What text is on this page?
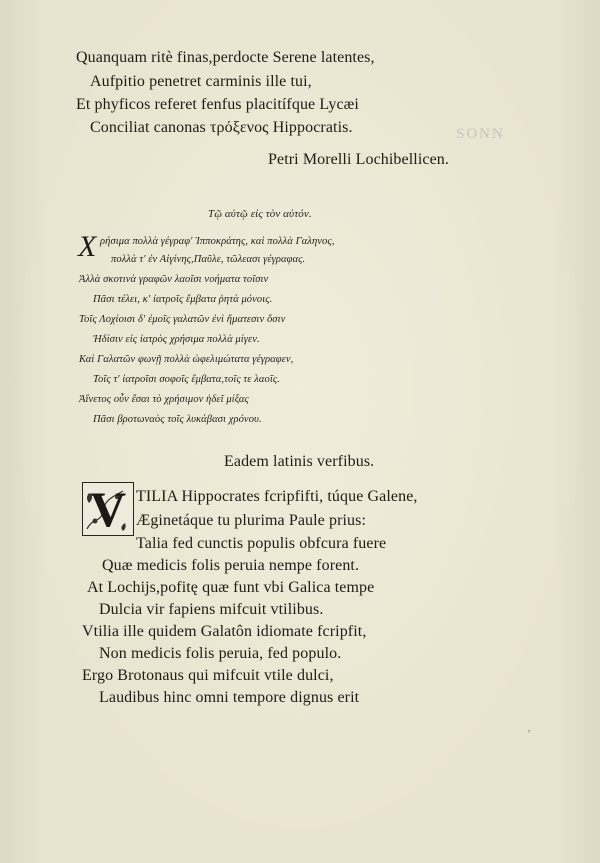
Quanquam ritè finas,perdocte Serene latentes,
Aufpitio penetret carminis ille tui,
Et phyficos referet fenfus placitífque Lycæi
Conciliat canonas τρόξενος Hippocratis.
Petri Morelli Lochibellicen.
SONN
Τῷ αὐτῷ εἰς τὸν αὐτόν.
Χ ρήσιμα πολλὰ γέγραφ' Ἱπποκράτης, καὶ πολλὰ Γαληνος,
πολλὰ τ' ἐν Αἰγίνης,Παῦλε, τῶλεασι γέγραφας.
Ἀλλὰ σκοτινὰ γραφῶν λαοῖσι νοήματα τοῖσιν
Πᾶσι τέλει, κ' ἰατροῖς ἔμβατα ῥητὰ μόνοις.
Τοῖς Λοχίοισι δ' ἐμοῖς γαλατῶν ἐνὶ ἤματεσιν ὅσιν
Ἠδίσιν εἰς ἰατρὸς χρήσιμα πολλὰ μίγεν.
Καὶ Γαλατῶν φωνῇ πολλὰ ὠφελιμώτατα γέγραφεν,
Τοῖς τ' ἰατροῖσι σοφοῖς ἔμβατα,τοῖς τε λαοῖς.
Ἀἴνετος οὖν ἔσαι τὸ χρήσιμον ἡδεῖ μίξας
Πᾶσι βροτωναὸς τοῖς λυκάβασι χρόνου.
Eadem latinis verfibus.
V TILIA Hippocrates fcripfifti, túque Galene,
Æginetáque tu plurima Paule prius:
Talia fed cunctis populis obfcura fuere
Quæ medicis folis peruia nempe forent.
At Lochijs,pofitę quæ funt vbi Galica tempe
Dulcia vir fapiens mifcuit vtilibus.
Vtilia ille quidem Galatôn idiomate fcripfit,
Non medicis folis peruia, fed populo.
Ergo Brotonaus qui mifcuit vtile dulci,
Laudibus hinc omni tempore dignus erit
'
